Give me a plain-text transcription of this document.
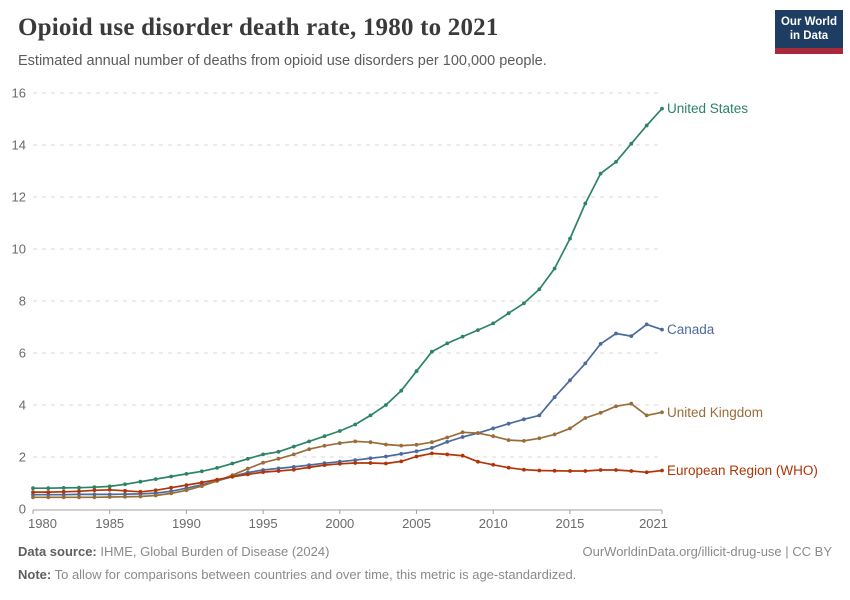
Opioid use disorder death rate, 1980 to 2021
Estimated annual number of deaths from opioid use disorders per 100,000 people.
Our World
in Data
0
2
4
6
8
10
12
14
16
1980	1985	1990	1995	2000	2005	2010	2015	2021
United States
Canada
United Kingdom
European Region (WHO)
Data source: IHME, Global Burden of Disease (2024)	OurWorldinData.org/illicit-drug-use | CC BY
Note: To allow for comparisons between countries and over time, this metric is age-standardized.
